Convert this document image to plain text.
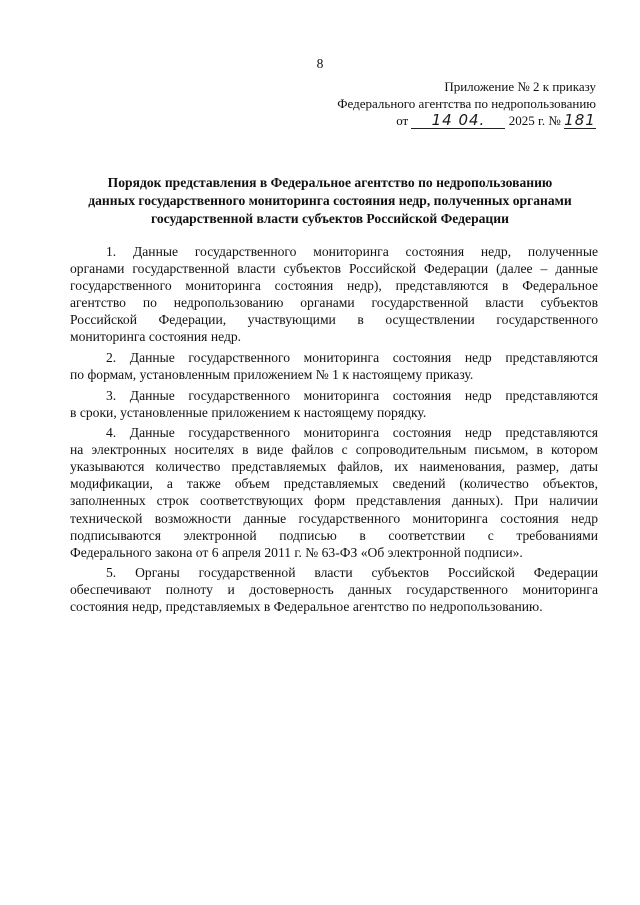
8
Приложение № 2 к приказу
Федерального агентства по недропользованию
от 14 04. 2025 г. № 181
Порядок представления в Федеральное агентство по недропользованию
данных государственного мониторинга состояния недр, полученных органами
государственной власти субъектов Российской Федерации
1. Данные государственного мониторинга состояния недр, полученные
органами государственной власти субъектов Российской Федерации (далее – данные
государственного мониторинга состояния недр), представляются в Федеральное
агентство по недропользованию органами государственной власти субъектов
Российской Федерации, участвующими в осуществлении государственного
мониторинга состояния недр.
2. Данные государственного мониторинга состояния недр представляются
по формам, установленным приложением № 1 к настоящему приказу.
3. Данные государственного мониторинга состояния недр представляются
в сроки, установленные приложением к настоящему порядку.
4. Данные государственного мониторинга состояния недр представляются
на электронных носителях в виде файлов с сопроводительным письмом, в котором
указываются количество представляемых файлов, их наименования, размер, даты
модификации, а также объем представляемых сведений (количество объектов,
заполненных строк соответствующих форм представления данных). При наличии
технической возможности данные государственного мониторинга состояния недр
подписываются электронной подписью в соответствии с требованиями
Федерального закона от 6 апреля 2011 г. № 63-ФЗ «Об электронной подписи».
5. Органы государственной власти субъектов Российской Федерации
обеспечивают полноту и достоверность данных государственного мониторинга
состояния недр, представляемых в Федеральное агентство по недропользованию.
